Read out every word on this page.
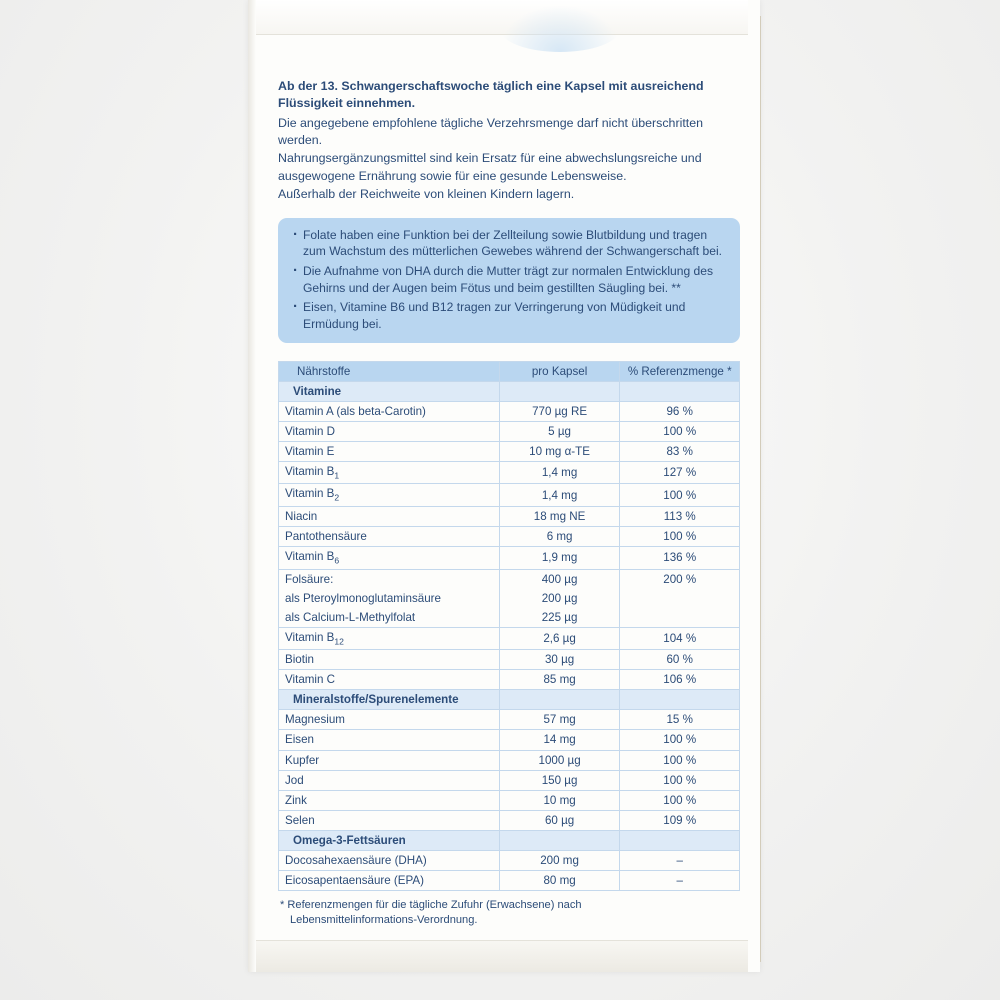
Ab der 13. Schwangerschaftswoche täglich eine Kapsel mit ausreichend Flüssigkeit einnehmen.

Die angegebene empfohlene tägliche Verzehrsmenge darf nicht überschritten werden.

Nahrungsergänzungsmittel sind kein Ersatz für eine abwechslungsreiche und ausgewogene Ernährung sowie für eine gesunde Lebensweise.

Außerhalb der Reichweite von kleinen Kindern lagern.

· Folate haben eine Funktion bei der Zellteilung sowie Blutbildung und tragen zum Wachstum des mütterlichen Gewebes während der Schwangerschaft bei.
· Die Aufnahme von DHA durch die Mutter trägt zur normalen Entwicklung des Gehirns und der Augen beim Fötus und beim gestillten Säugling bei. **
· Eisen, Vitamine B6 und B12 tragen zur Verringerung von Müdigkeit und Ermüdung bei.
Nährstoffe	pro Kapsel	% Referenzmenge *
Vitamine		
Vitamin A (als beta-Carotin)	770 µg RE	96 %
Vitamin D	5 µg	100 %
Vitamin E	10 mg α-TE	83 %
Vitamin $B_1$	1,4 mg	127 %
Vitamin $B_2$	1,4 mg	100 %
Niacin	18 mg NE	113 %
Pantothensäure	6 mg	100 %
Vitamin $B_6$	1,9 mg	136 %
Folsäure:	400 µg	200 %
als Pteroylmonoglutaminsäure	200 µg	
als Calcium-L-Methylfolat	225 µg	
Vitamin $B_{12}$	2,6 µg	104 %
Biotin	30 µg	60 %
Vitamin C	85 mg	106 %
Mineralstoffe/Spurenelemente		
Magnesium	57 mg	15 %
Eisen	14 mg	100 %
Kupfer	1000 µg	100 %
Jod	150 µg	100 %
Zink	10 mg	100 %
Selen	60 µg	109 %
Omega-3-Fettsäuren		
Docosahexaensäure (DHA)	200 mg	–
Eicosapentaensäure (EPA)	80 mg	–
* Referenzmengen für die tägliche Zufuhr (Erwachsene) nach
Lebensmittelinformations-Verordnung.
